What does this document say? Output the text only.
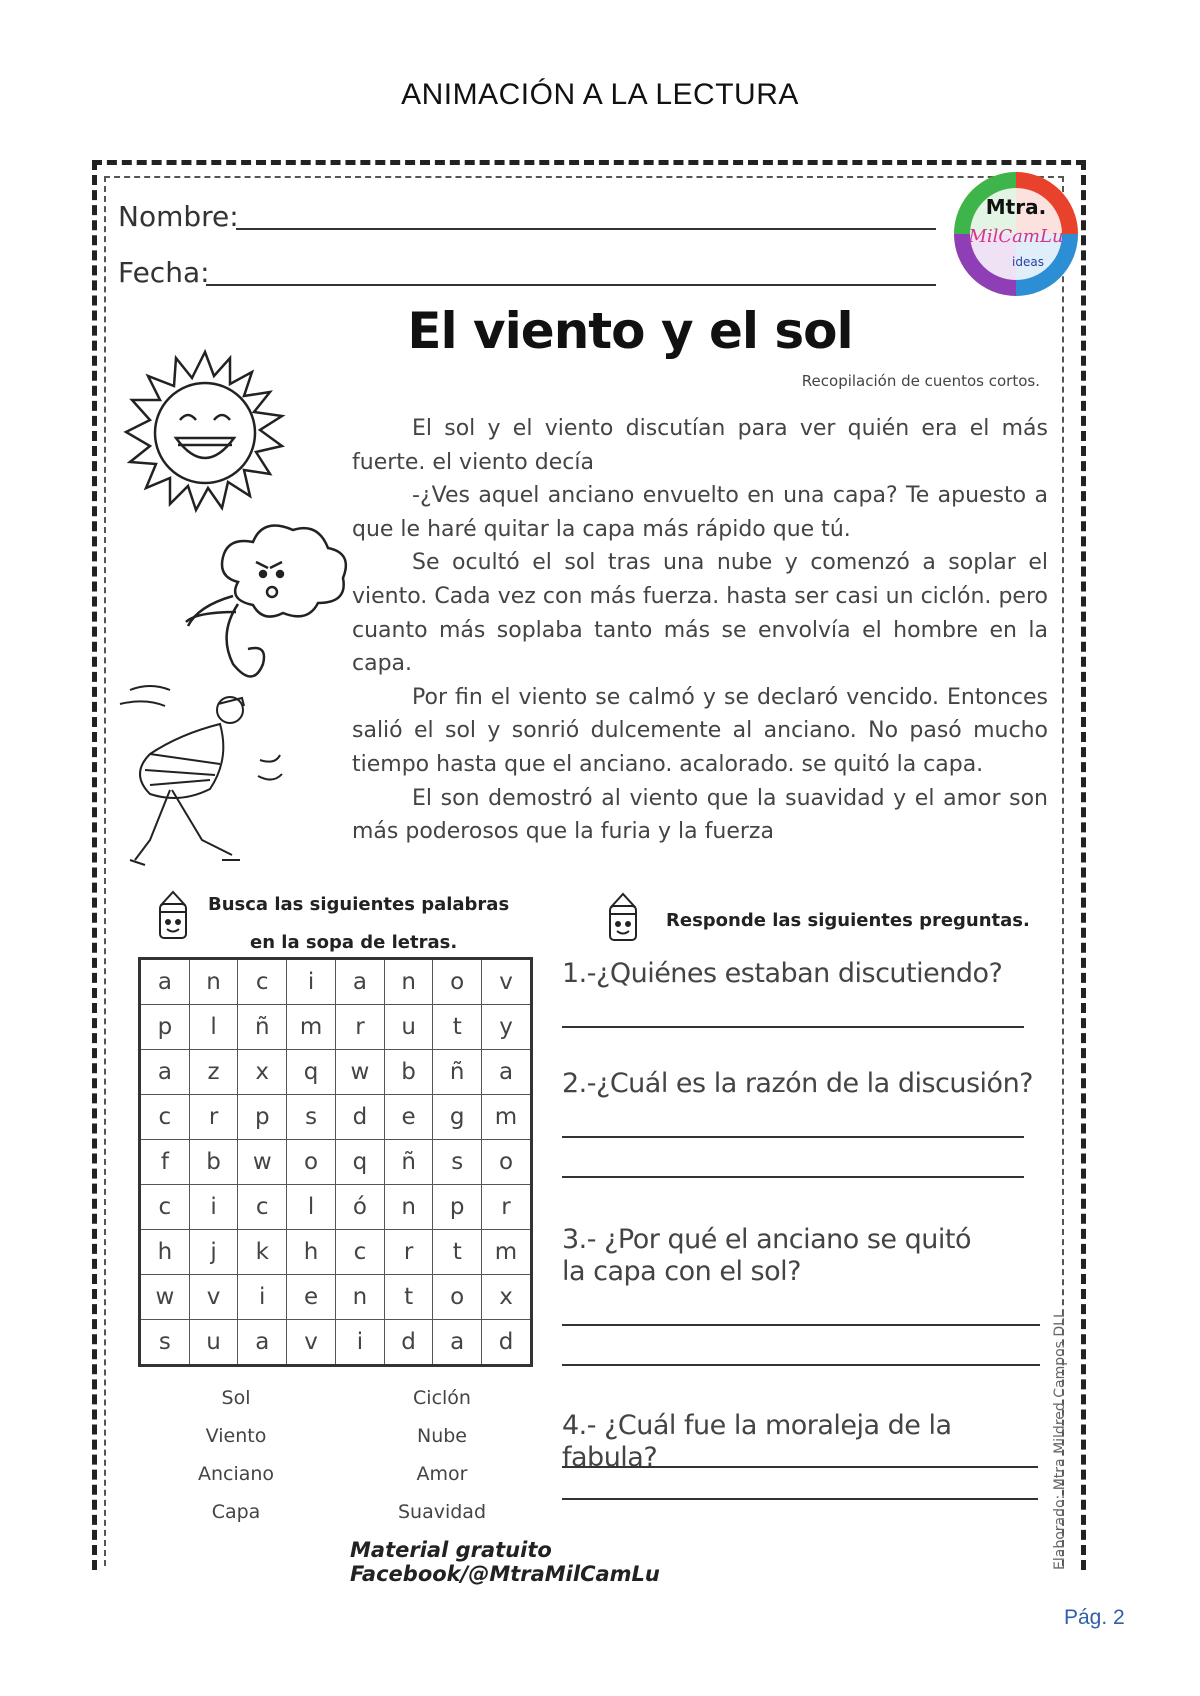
ANIMACIÓN A LA LECTURA
Nombre:
Fecha:
Mtra.
MilCamLu
ideas
El viento y el sol
Recopilación de cuentos cortos.

El sol y el viento discutían para ver quién era el más fuerte. el viento decía

-¿Ves aquel anciano envuelto en una capa? Te apuesto a que le haré quitar la capa más rápido que tú.

Se ocultó el sol tras una nube y comenzó a soplar el viento. Cada vez con más fuerza. hasta ser casi un ciclón. pero cuanto más soplaba tanto más se envolvía el hombre en la capa.

Por fin el viento se calmó y se declaró vencido. Entonces salió el sol y sonrió dulcemente al anciano. No pasó mucho tiempo hasta que el anciano. acalorado. se quitó la capa.

El son demostró al viento que la suavidad y el amor son más poderosos que la furia y la fuerza

Busca las siguientes palabras
en la sopa de letras.
a	n	c	i	a	n	o	v
p	l	ñ	m	r	u	t	y
a	z	x	q	w	b	ñ	a
c	r	p	s	d	e	g	m
f	b	w	o	q	ñ	s	o
c	i	c	l	ó	n	p	r
h	j	k	h	c	r	t	m
w	v	i	e	n	t	o	x
s	u	a	v	i	d	a	d
Sol
Viento
Anciano
Capa
Ciclón
Nube
Amor
Suavidad
Responde las siguientes preguntas.
1.-¿Quiénes estaban discutiendo?
2.-¿Cuál es la razón de la discusión?
3.- ¿Por qué el anciano se quitó la capa con el sol?
4.- ¿Cuál fue la moraleja de la fabula?
Material gratuito Facebook/@MtraMilCamLu
Elaborado: Mtra Mildred Campos DLL
Pág. 2
